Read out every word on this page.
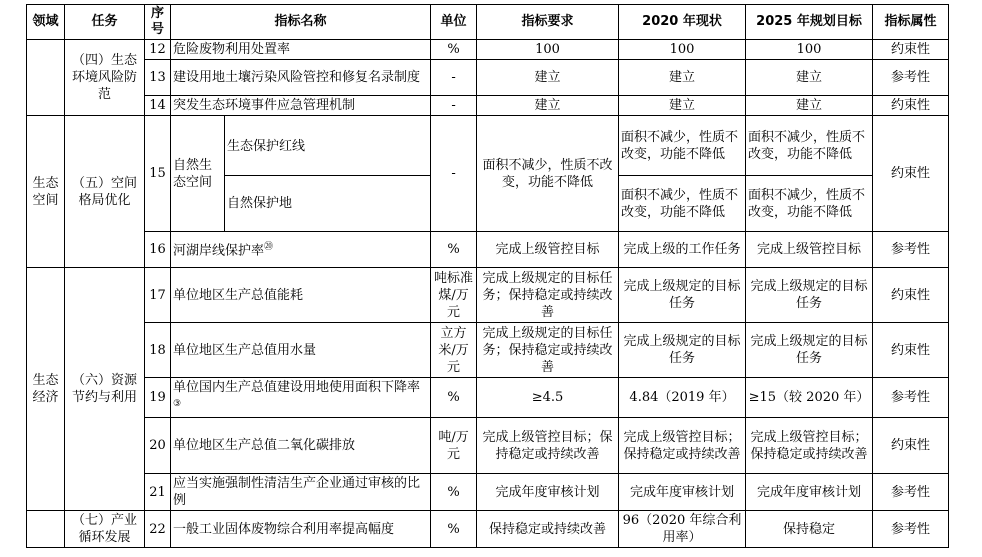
领域	任务	序号	指标名称		单位	指标要求	2020 年现状	2025 年规划目标	指标属性
	（四）生态环境风险防范	12	危险废物利用处置率		%	100	100	100	约束性
		13	建设用地土壤污染风险管控和修复名录制度		-	建立	建立	建立	参考性
		14	突发生态环境事件应急管理机制		-	建立	建立	建立	约束性
生态空间	（五）空间格局优化	15	自然生态空间	生态保护红线	-	面积不减少，性质不改变，功能不降低	面积不减少，性质不改变，功能不降低	面积不减少，性质不改变，功能不降低	约束性
				自然保护地			面积不减少，性质不改变，功能不降低	面积不减少，性质不改变，功能不降低	
		16	河湖岸线保护率⑳		%	完成上级管控目标	完成上级的工作任务	完成上级管控目标	参考性
生态经济	（六）资源节约与利用	17	单位地区生产总值能耗		吨标准煤/万元	完成上级规定的目标任务；保持稳定或持续改善	完成上级规定的目标任务	完成上级规定的目标任务	约束性
		18	单位地区生产总值用水量		立方米/万元	完成上级规定的目标任务；保持稳定或持续改善	完成上级规定的目标任务	完成上级规定的目标任务	约束性
		19	单位国内生产总值建设用地使用面积下降率③		%	≥4.5	4.84（2019 年）	≥15（较 2020 年）	参考性
		20	单位地区生产总值二氧化碳排放		吨/万元	完成上级管控目标；保持稳定或持续改善	完成上级管控目标；保持稳定或持续改善	完成上级管控目标；保持稳定或持续改善	约束性
		21	应当实施强制性清洁生产企业通过审核的比例		%	完成年度审核计划	完成年度审核计划	完成年度审核计划	参考性
	（七）产业循环发展	22	一般工业固体废物综合利用率提高幅度		%	保持稳定或持续改善	96（2020 年综合利用率）	保持稳定	参考性
